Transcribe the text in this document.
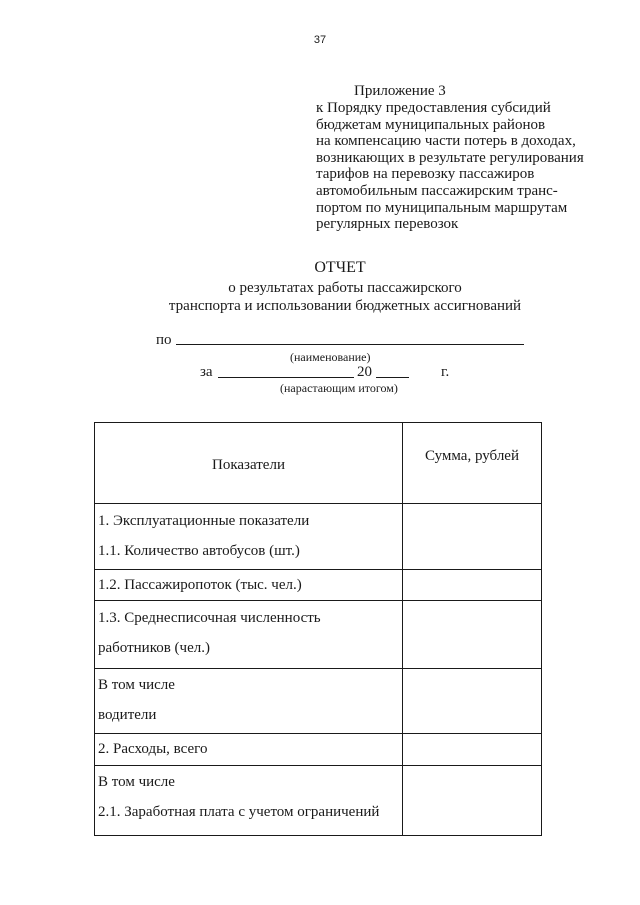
37
Приложение 3
к Порядку предоставления субсидий
бюджетам муниципальных районов
на компенсацию части потерь в доходах,
возникающих в результате регулирования
тарифов на перевозку пассажиров
автомобильным пассажирским транс-
портом по муниципальным маршрутам
регулярных перевозок
ОТЧЕТ
о результатах работы пассажирского
транспорта и использовании бюджетных ассигнований
по
(наименование)
за	20	г.
(нарастающим итогом)
Показатели	Сумма, рублей

1. Эксплуатационные показатели
1.1. Количество автобусов (шт.)	

1.2. Пассажиропоток (тыс. чел.)	

1.3. Среднесписочная численность
работников (чел.)	

В том числе
водители	

2. Расходы, всего	

В том числе
2.1. Заработная плата с учетом ограничений	
